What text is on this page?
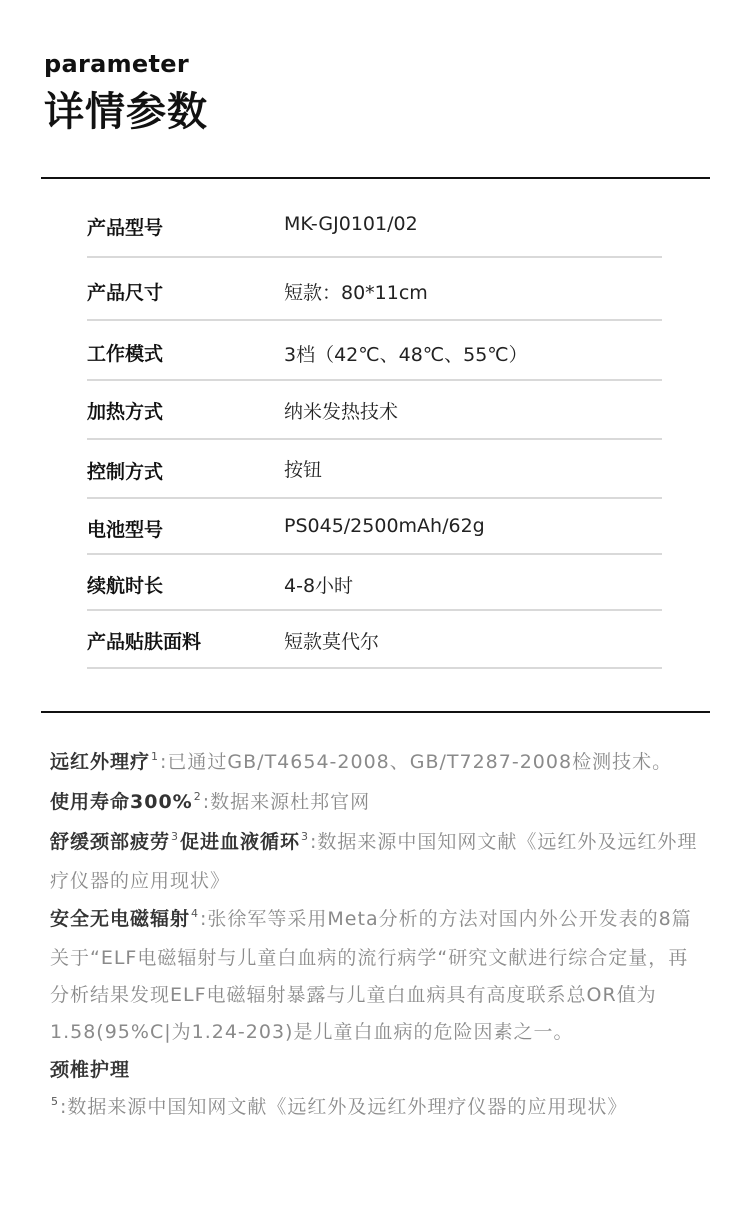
parameter
详情参数
产品型号	MK-GJ0101/02
产品尺寸	短款：80*11cm
工作模式	3档（42℃、48℃、55℃）
加热方式	纳米发热技术
控制方式	按钮
电池型号	PS045/2500mAh/62g
续航时长	4-8小时
产品贴肤面料	短款莫代尔
远红外理疗$^1$:已通过GB/T4654-2008、GB/T7287-2008检测技术。
使用寿命300%$^2$:数据来源杜邦官网
舒缓颈部疲劳$^3$促进血液循环$^3$:数据来源中国知网文献《远红外及远红外理疗仪器的应用现状》
安全无电磁辐射$^4$:张徐军等采用Meta分析的方法对国内外公开发表的8篇关于“ELF电磁辐射与儿童白血病的流行病学“研究文献进行综合定量，再分析结果发现ELF电磁辐射暴露与儿童白血病具有高度联系总OR值为1.58(95%C|为1.24-203)是儿童白血病的危险因素之一。
颈椎护理$^5$:数据来源中国知网文献《远红外及远红外理疗仪器的应用现状》
